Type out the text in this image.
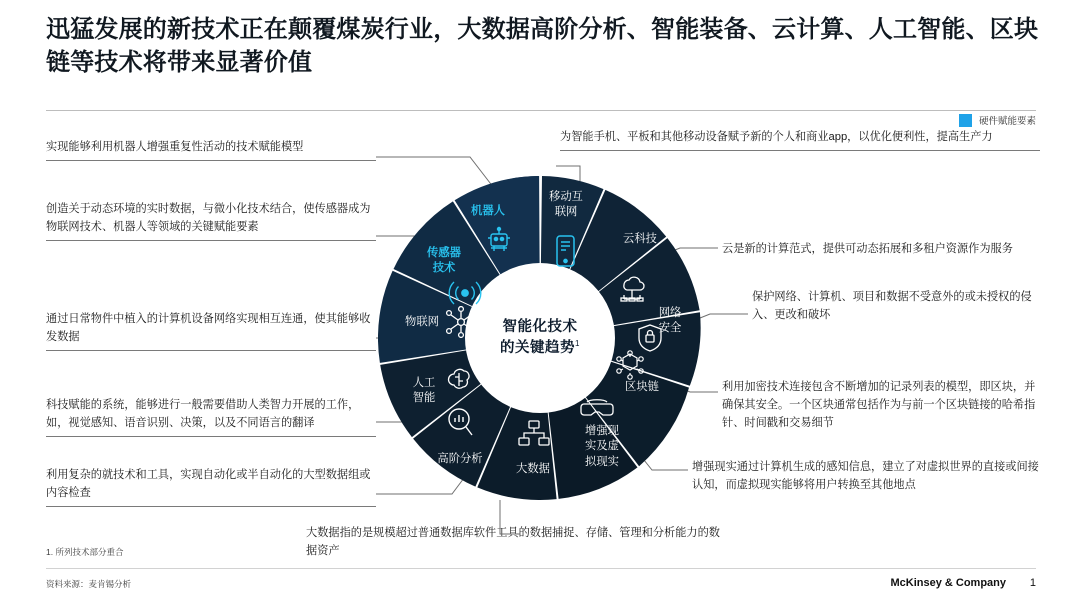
迅猛发展的新技术正在颠覆煤炭行业，大数据高阶分析、智能装备、云计算、人工智能、区块链等技术将带来显著价值
硬件赋能要素
实现能够利用机器人增强重复性活动的技术赋能模型
创造关于动态环境的实时数据，与微小化技术结合，使传感器成为物联网技术、机器人等领域的关键赋能要素
通过日常物件中植入的计算机设备网络实现相互连通，使其能够收发数据
科技赋能的系统，能够进行一般需要借助人类智力开展的工作，如，视觉感知、语音识别、决策，以及不同语言的翻译
利用复杂的就技术和工具，实现自动化或半自动化的大型数据组或内容检查
为智能手机、平板和其他移动设备赋予新的个人和商业app，以优化便利性，提高生产力
云是新的计算范式，提供可动态拓展和多租户资源作为服务
保护网络、计算机、项目和数据不受意外的或未授权的侵入、更改和破坏
利用加密技术连接包含不断增加的记录列表的模型，即区块，并确保其安全。一个区块通常包括作为与前一个区块链接的哈希指针、时间戳和交易细节
增强现实通过计算机生成的感知信息，建立了对虚拟世界的直接或间接认知，而虚拟现实能够将用户转换至其他地点
大数据指的是规模超过普通数据库软件工具的数据捕捉、存储、管理和分析能力的数据资产
智能化技术
的关键趋势$^1$
机器人
移动互
联网
云科技
网络
安全
区块链
增强现
实及虚
拟现实
大数据
高阶分析
人工
智能
物联网
传感器
技术
1. 所列技术部分重合
资料来源：麦肯锡分析	McKinsey & Company 1
